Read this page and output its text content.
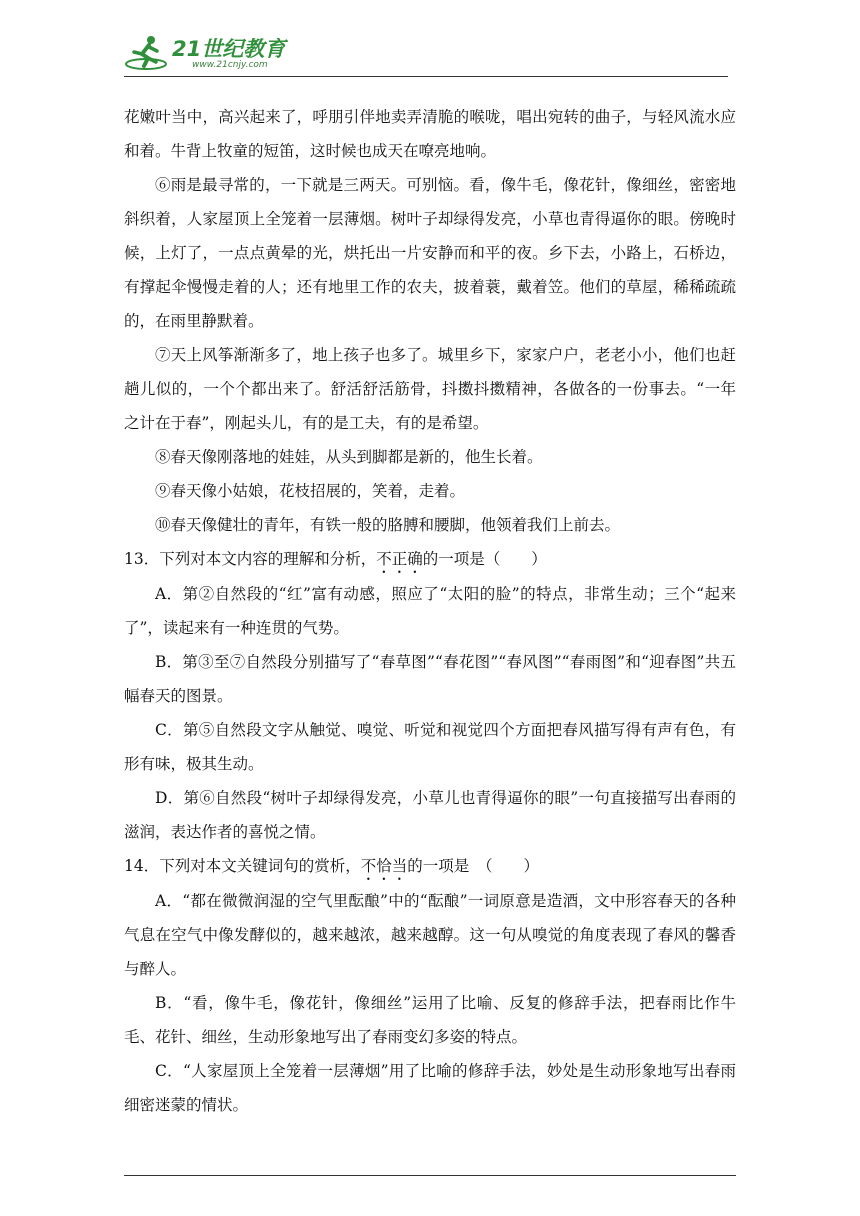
21世纪教育
www.21cnjy.com

花嫩叶当中，高兴起来了，呼朋引伴地卖弄清脆的喉咙，唱出宛转的曲子，与轻风流水应和着。牛背上牧童的短笛，这时候也成天在嘹亮地响。

⑥雨是最寻常的，一下就是三两天。可别恼。看，像牛毛，像花针，像细丝，密密地斜织着，人家屋顶上全笼着一层薄烟。树叶子却绿得发亮，小草也青得逼你的眼。傍晚时候，上灯了，一点点黄晕的光，烘托出一片安静而和平的夜。乡下去，小路上，石桥边，有撑起伞慢慢走着的人；还有地里工作的农夫，披着蓑，戴着笠。他们的草屋，稀稀疏疏的，在雨里静默着。

⑦天上风筝渐渐多了，地上孩子也多了。城里乡下，家家户户，老老小小，他们也赶趟儿似的，一个个都出来了。舒活舒活筋骨，抖擞抖擞精神，各做各的一份事去。“一年之计在于春”，刚起头儿，有的是工夫，有的是希望。

⑧春天像刚落地的娃娃，从头到脚都是新的，他生长着。

⑨春天像小姑娘，花枝招展的，笑着，走着。

⑩春天像健壮的青年，有铁一般的胳膊和腰脚，他领着我们上前去。

13．下列对本文内容的理解和分析，不正确的一项是（　　）

A．第②自然段的“红”富有动感，照应了“太阳的脸”的特点，非常生动；三个“起来了”，读起来有一种连贯的气势。

B．第③至⑦自然段分别描写了“春草图”“春花图”“春风图”“春雨图”和“迎春图”共五幅春天的图景。

C．第⑤自然段文字从触觉、嗅觉、听觉和视觉四个方面把春风描写得有声有色，有形有味，极其生动。

D．第⑥自然段“树叶子却绿得发亮，小草儿也青得逼你的眼”一句直接描写出春雨的滋润，表达作者的喜悦之情。

14．下列对本文关键词句的赏析，不恰当的一项是　（　　）

A．“都在微微润湿的空气里酝酿”中的“酝酿”一词原意是造酒，文中形容春天的各种气息在空气中像发酵似的，越来越浓，越来越醇。这一句从嗅觉的角度表现了春风的馨香与醉人。

B．“看，像牛毛，像花针，像细丝”运用了比喻、反复的修辞手法，把春雨比作牛毛、花针、细丝，生动形象地写出了春雨变幻多姿的特点。

C．“人家屋顶上全笼着一层薄烟”用了比喻的修辞手法，妙处是生动形象地写出春雨细密迷蒙的情状。
